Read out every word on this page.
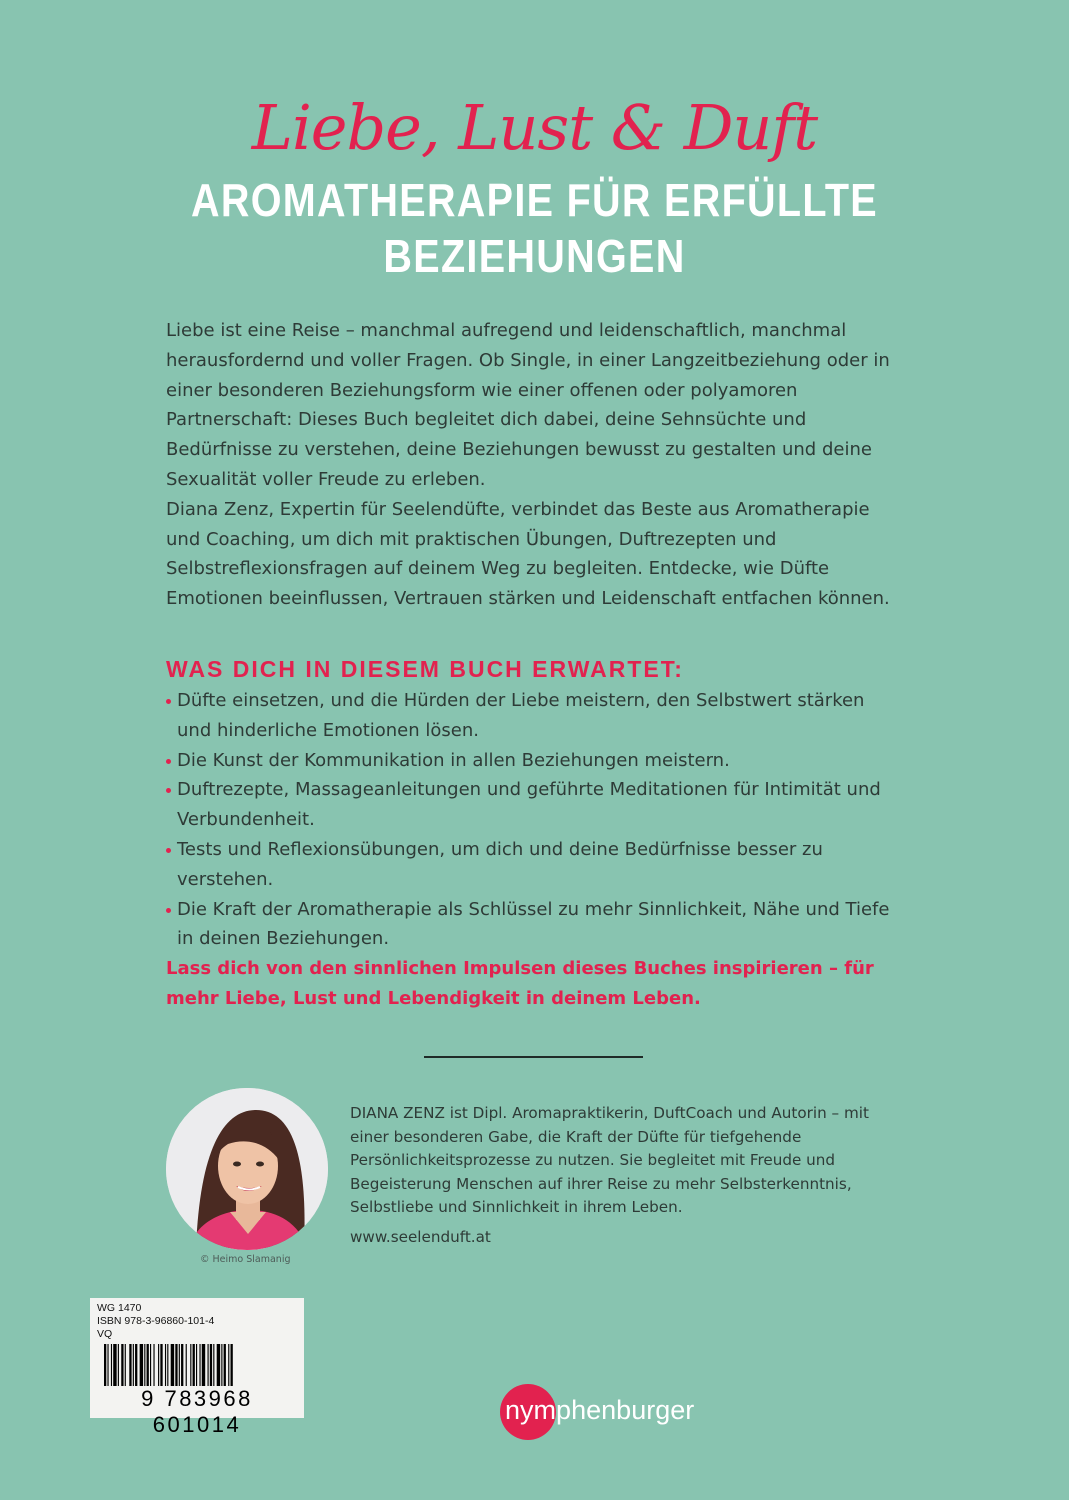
Liebe, Lust & Duft
AROMATHERAPIE FÜR ERFÜLLTE
BEZIEHUNGEN

Liebe ist eine Reise – manchmal aufregend und leidenschaftlich, manchmal herausfordernd und voller Fragen. Ob Single, in einer Langzeitbeziehung oder in einer besonderen Beziehungsform wie einer offenen oder polyamoren Partnerschaft: Dieses Buch begleitet dich dabei, deine Sehnsüchte und Bedürfnisse zu verstehen, deine Beziehungen bewusst zu gestalten und deine Sexualität voller Freude zu erleben.

Diana Zenz, Expertin für Seelendüfte, verbindet das Beste aus Aromatherapie und Coaching, um dich mit praktischen Übungen, Duftrezepten und Selbstreflexionsfragen auf deinem Weg zu begleiten. Entdecke, wie Düfte Emotionen beeinflussen, Vertrauen stärken und Leidenschaft entfachen können.

WAS DICH IN DIESEM BUCH ERWARTET:
Düfte einsetzen, und die Hürden der Liebe meistern, den Selbstwert stärken und hinderliche Emotionen lösen.
Die Kunst der Kommunikation in allen Beziehungen meistern.
Duftrezepte, Massageanleitungen und geführte Meditationen für Intimität und Verbundenheit.
Tests und Reflexionsübungen, um dich und deine Bedürfnisse besser zu verstehen.
Die Kraft der Aromatherapie als Schlüssel zu mehr Sinnlichkeit, Nähe und Tiefe in deinen Beziehungen.
Lass dich von den sinnlichen Impulsen dieses Buches inspirieren – für mehr Liebe, Lust und Lebendigkeit in deinem Leben.
© Heimo Slamanig

DIANA ZENZ ist Dipl. Aromapraktikerin, DuftCoach und Autorin – mit einer besonderen Gabe, die Kraft der Düfte für tiefgehende Persönlichkeitsprozesse zu nutzen. Sie begleitet mit Freude und Begeisterung Menschen auf ihrer Reise zu mehr Selbsterkenntnis, Selbstliebe und Sinnlichkeit in ihrem Leben.

www.seelenduft.at

WG 1470
ISBN 978-3-96860-101-4
VQ
9 783968 601014	nymphenburger
